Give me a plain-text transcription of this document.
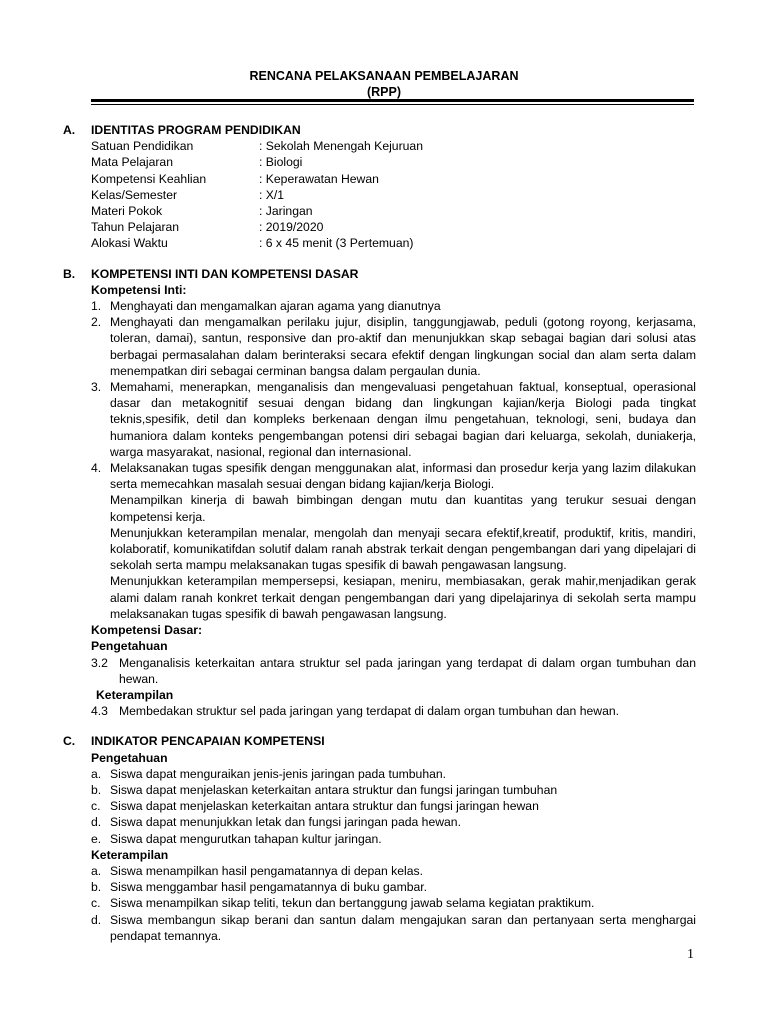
RENCANA PELAKSANAAN PEMBELAJARAN
(RPP)
A.	IDENTITAS PROGRAM PENDIDIKAN
Satuan Pendidikan	: Sekolah Menengah Kejuruan
Mata Pelajaran	: Biologi
Kompetensi Keahlian	: Keperawatan Hewan
Kelas/Semester	: X/1
Materi Pokok	: Jaringan
Tahun Pelajaran	: 2019/2020
Alokasi Waktu	: 6 x 45 menit (3 Pertemuan)
B.	KOMPETENSI INTI DAN KOMPETENSI DASAR
Kompetensi Inti:
1. Menghayati dan mengamalkan ajaran agama yang dianutnya
2. Menghayati dan mengamalkan perilaku jujur, disiplin, tanggungjawab, peduli (gotong royong, kerjasama, toleran, damai), santun, responsive dan pro-aktif dan menunjukkan skap sebagai bagian dari solusi atas berbagai permasalahan dalam berinteraksi secara efektif dengan lingkungan social dan alam serta dalam menempatkan diri sebagai cerminan bangsa dalam pergaulan dunia.
3. Memahami, menerapkan, menganalisis dan mengevaluasi pengetahuan faktual, konseptual, operasional dasar dan metakognitif sesuai dengan bidang dan lingkungan kajian/kerja Biologi pada tingkat teknis,spesifik, detil dan kompleks berkenaan dengan ilmu pengetahuan, teknologi, seni, budaya dan humaniora dalam konteks pengembangan potensi diri sebagai bagian dari keluarga, sekolah, duniakerja, warga masyarakat, nasional, regional dan internasional.
4. Melaksanakan tugas spesifik dengan menggunakan alat, informasi dan prosedur kerja yang lazim dilakukan serta memecahkan masalah sesuai dengan bidang kajian/kerja Biologi.
Menampilkan kinerja di bawah bimbingan dengan mutu dan kuantitas yang terukur sesuai dengan kompetensi kerja.
Menunjukkan keterampilan menalar, mengolah dan menyaji secara efektif,kreatif, produktif, kritis, mandiri, kolaboratif, komunikatifdan solutif dalam ranah abstrak terkait dengan pengembangan dari yang dipelajari di sekolah serta mampu melaksanakan tugas spesifik di bawah pengawasan langsung.
Menunjukkan keterampilan mempersepsi, kesiapan, meniru, membiasakan, gerak mahir,menjadikan gerak alami dalam ranah konkret terkait dengan pengembangan dari yang dipelajarinya di sekolah serta mampu melaksanakan tugas spesifik di bawah pengawasan langsung.
Kompetensi Dasar:
Pengetahuan
3.2 Menganalisis keterkaitan antara struktur sel pada jaringan yang terdapat di dalam organ tumbuhan dan hewan.
Keterampilan
4.3 Membedakan struktur sel pada jaringan yang terdapat di dalam organ tumbuhan dan hewan.
C.	INDIKATOR PENCAPAIAN KOMPETENSI
Pengetahuan
a. Siswa dapat menguraikan jenis-jenis jaringan pada tumbuhan.
b. Siswa dapat menjelaskan keterkaitan antara struktur dan fungsi jaringan tumbuhan
c. Siswa dapat menjelaskan keterkaitan antara struktur dan fungsi jaringan hewan
d. Siswa dapat menunjukkan letak dan fungsi jaringan pada hewan.
e. Siswa dapat mengurutkan tahapan kultur jaringan.
Keterampilan
a. Siswa menampilkan hasil pengamatannya di depan kelas.
b. Siswa menggambar hasil pengamatannya di buku gambar.
c. Siswa menampilkan sikap teliti, tekun dan bertanggung jawab selama kegiatan praktikum.
d. Siswa membangun sikap berani dan santun dalam mengajukan saran dan pertanyaan serta menghargai pendapat temannya.
1
